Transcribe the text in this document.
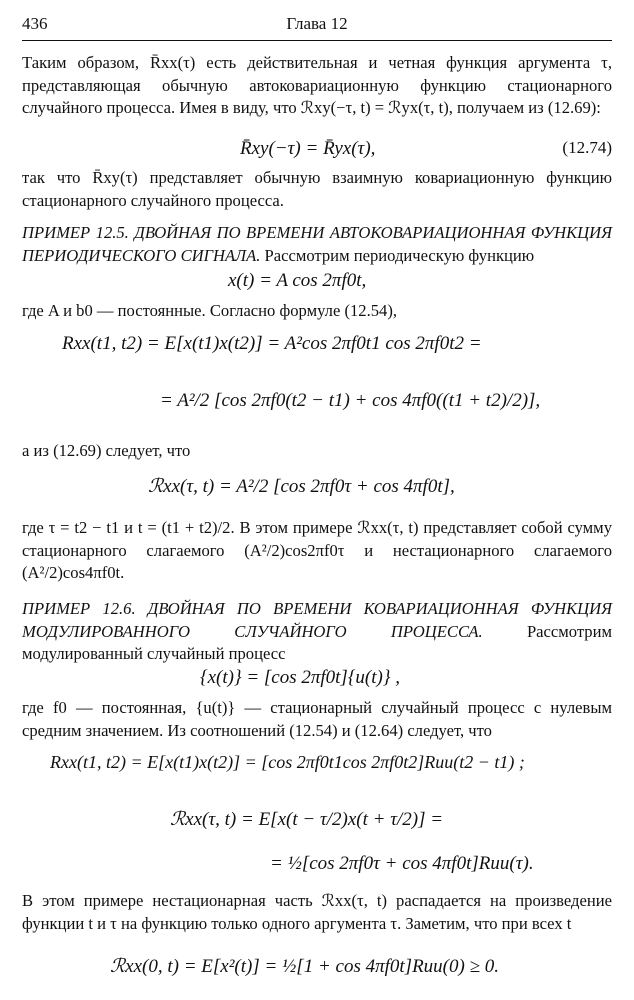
436	Глава 12

Таким образом, R̄xx(τ) есть действительная и четная функция аргумента τ, представляющая обычную автоковариационную функцию стационарного случайного процесса. Имея в виду, что ℛxy(−τ, t) = ℛyx(τ, t), получаем из (12.69):

R̄xy(−τ) = R̄yx(τ),	(12.74)

так что R̄xy(τ) представляет обычную взаимную ковариационную функцию стационарного случайного процесса.

ПРИМЕР 12.5. ДВОЙНАЯ ПО ВРЕМЕНИ АВТОКОВАРИАЦИОННАЯ ФУНКЦИЯ ПЕРИОДИЧЕСКОГО СИГНАЛА. Рассмотрим периодическую функцию

x(t) = A cos 2πf0t,

где A и b0 — постоянные. Согласно формуле (12.54),

Rxx(t1, t2) = E[x(t1)x(t2)] = A²cos 2πf0t1 cos 2πf0t2 =
= A²/2 [cos 2πf0(t2 − t1) + cos 4πf0((t1 + t2)/2)],

а из (12.69) следует, что

ℛxx(τ, t) = A²/2 [cos 2πf0τ + cos 4πf0t],

где τ = t2 − t1 и t = (t1 + t2)/2. В этом примере ℛxx(τ, t) представляет собой сумму стационарного слагаемого (A²/2)cos2πf0τ и нестационарного слагаемого (A²/2)cos4πf0t.

ПРИМЕР 12.6. ДВОЙНАЯ ПО ВРЕМЕНИ КОВАРИАЦИОННАЯ ФУНКЦИЯ МОДУЛИРОВАННОГО СЛУЧАЙНОГО ПРОЦЕССА.	Рассмотрим модулированный случайный процесс

{x(t)} = [cos 2πf0t]{u(t)} ,

где f0 — постоянная, {u(t)} — стационарный случайный процесс с нулевым средним значением. Из соотношений (12.54) и (12.64) следует, что

Rxx(t1, t2) = E[x(t1)x(t2)] = [cos 2πf0t1cos 2πf0t2]Ruu(t2 − t1) ;
ℛxx(τ, t) = E[x(t − τ/2)x(t + τ/2)] =
= ½[cos 2πf0τ + cos 4πf0t]Ruu(τ).

В этом примере нестационарная часть ℛxx(τ, t) распадается на произведение функции t и τ на функцию только одного аргумента τ. Заметим, что при всех t

ℛxx(0, t) = E[x²(t)] = ½[1 + cos 4πf0t]Ruu(0) ≥ 0.
